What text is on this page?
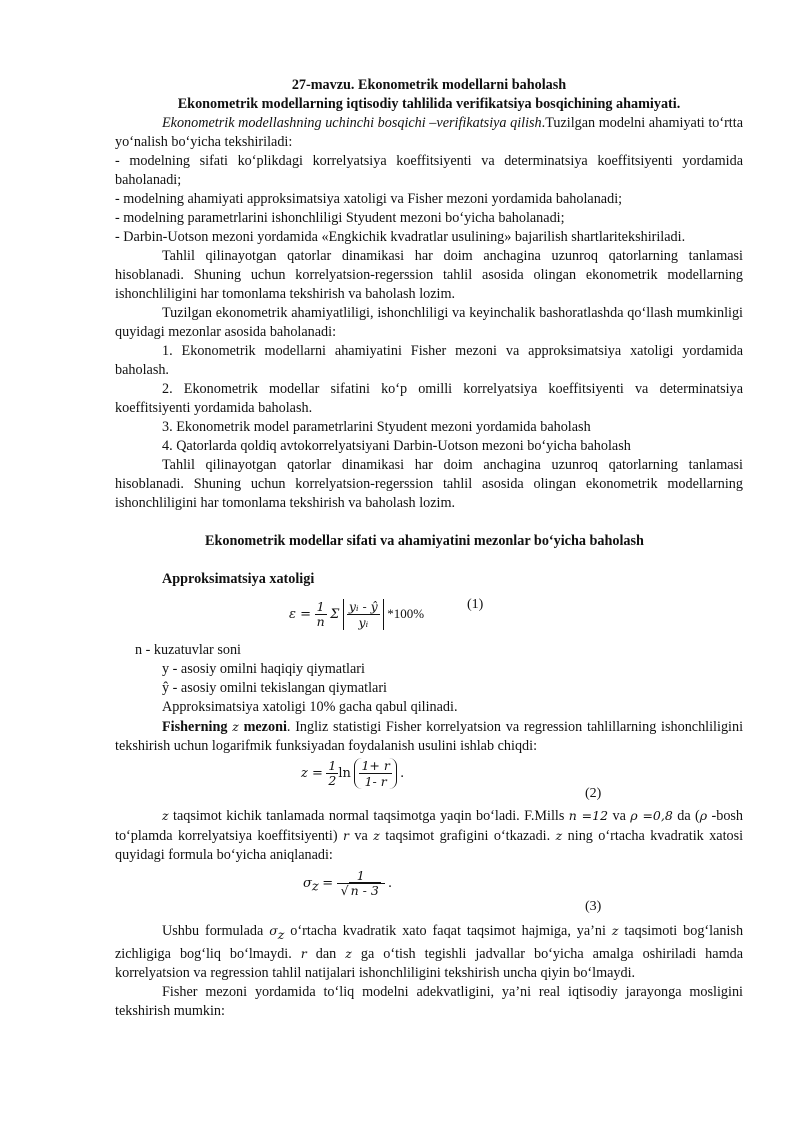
27-mavzu. Ekonometrik modellarni baholash

Ekonometrik modellarning iqtisodiy tahlilida verifikatsiya bosqichining ahamiyati.

Ekonometrik modellashning uchinchi bosqichi –verifikatsiya qilish.Tuzilgan modelni ahamiyati to‘rtta yo‘nalish bo‘yicha tekshiriladi:

- modelning sifati ko‘plikdagi korrelyatsiya koeffitsiyenti va determinatsiya koeffitsiyenti yordamida baholanadi;

- modelning ahamiyati approksimatsiya xatoligi va Fisher mezoni yordamida baholanadi;

- modelning parametrlarini ishonchliligi Styudent mezoni bo‘yicha baholanadi;

- Darbin-Uotson mezoni yordamida «Engkichik kvadratlar usulining» bajarilish shartlaritekshiriladi.

Tahlil qilinayotgan qatorlar dinamikasi har doim anchagina uzunroq qatorlarning tanlamasi hisoblanadi. Shuning uchun korrelyatsion-regerssion tahlil asosida olingan ekonometrik modellarning ishonchliligini har tomonlama tekshirish va baholash lozim.

Tuzilgan ekonometrik ahamiyatliligi, ishonchliligi va keyinchalik bashoratlashda qo‘llash mumkinligi quyidagi mezonlar asosida baholanadi:

1. Ekonometrik modellarni ahamiyatini Fisher mezoni va approksimatsiya xatoligi yordamida baholash.

2. Ekonometrik modellar sifatini ko‘p omilli korrelyatsiya koeffitsiyenti va determinatsiya koeffitsiyenti yordamida baholash.

3. Ekonometrik model parametrlarini Styudent mezoni yordamida baholash

4. Qatorlarda qoldiq avtokorrelyatsiyani Darbin-Uotson mezoni bo‘yicha baholash

Tahlil qilinayotgan qatorlar dinamikasi har doim anchagina uzunroq qatorlarning tanlamasi hisoblanadi. Shuning uchun korrelyatsion-regerssion tahlil asosida olingan ekonometrik modellarning ishonchliligini har tomonlama tekshirish va baholash lozim.

Ekonometrik modellar sifati va ahamiyatini mezonlar bo‘yicha baholash

Approksimatsiya xatoligi

$\varepsilon = \frac{1}{n}$ Σ $\frac{\text{yᵢ - ŷ}}{\text{yᵢ}} *100\%$
(1)

n - kuzatuvlar soni

y - asosiy omilni haqiqiy qiymatlari

ŷ - asosiy omilni tekislangan qiymatlari

Approksimatsiya xatoligi 10% gacha qabul qilinadi.

Fisherning z mezoni. Ingliz statistigi Fisher korrelyatsion va regression tahlillarning ishonchliligini tekshirish uchun logarifmik funksiyadan foydalanish usulini ishlab chiqdi:

$z = \frac{1}{2}$ $\ln \frac{1+ r}{1- r}$ .
(2)

z taqsimot kichik tanlamada normal taqsimotga yaqin bo‘ladi. F.Mills n =12 va ρ =0,8 da (ρ -bosh to‘plamda korrelyatsiya koeffitsiyenti) r va z taqsimot grafigini o‘tkazadi. z ning o‘rtacha kvadratik xatosi quyidagi formula bo‘yicha aniqlanadi:

$\sigma_z = \frac{1}{√ n - 3}$ .
(3)

Ushbu formulada $\sigma_z$ o‘rtacha kvadratik xato faqat taqsimot hajmiga, ya’ni z taqsimoti bog‘lanish zichligiga bog‘liq bo‘lmaydi. r dan z ga o‘tish tegishli jadvallar bo‘yicha amalga oshiriladi hamda korrelyatsion va regression tahlil natijalari ishonchliligini tekshirish uncha qiyin bo‘lmaydi.

Fisher mezoni yordamida to‘liq modelni adekvatligini, ya’ni real iqtisodiy jarayonga mosligini tekshirish mumkin:
